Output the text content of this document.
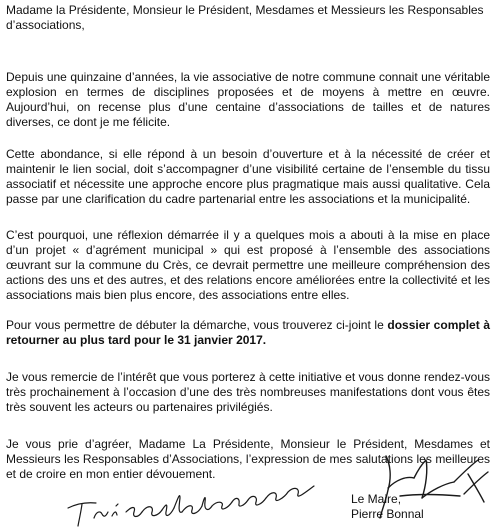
Madame la Présidente, Monsieur le Président, Mesdames et Messieurs les Responsables d’associations,

Depuis une quinzaine d’années, la vie associative de notre commune connait une véritable explosion en termes de disciplines proposées et de moyens à mettre en œuvre. Aujourd’hui, on recense plus d’une centaine d’associations de tailles et de natures diverses, ce dont je me félicite.

Cette abondance, si elle répond à un besoin d’ouverture et à la nécessité de créer et maintenir le lien social, doit s’accompagner d’une visibilité certaine de l’ensemble du tissu associatif et nécessite une approche encore plus pragmatique mais aussi qualitative. Cela passe par une clarification du cadre partenarial entre les associations et la municipalité.

C’est pourquoi, une réflexion démarrée il y a quelques mois a abouti à la mise en place d’un projet « d’agrément municipal » qui est proposé à l’ensemble des associations œuvrant sur la commune du Crès, ce devrait permettre une meilleure compréhension des actions des uns et des autres, et des relations encore améliorées entre la collectivité et les associations mais bien plus encore, des associations entre elles.

Pour vous permettre de débuter la démarche, vous trouverez ci-joint le dossier complet à retourner au plus tard pour le 31 janvier 2017.

Je vous remercie de l’intérêt que vous porterez à cette initiative et vous donne rendez-vous très prochainement à l’occasion d’une des très nombreuses manifestations dont vous êtes très souvent les acteurs ou partenaires privilégiés.

Je vous prie d’agréer, Madame La Présidente, Monsieur le Président, Mesdames et Messieurs les Responsables d’Associations, l’expression de mes salutations les meilleures et de croire en mon entier dévouement.

Le Maire,
Pierre Bonnal
